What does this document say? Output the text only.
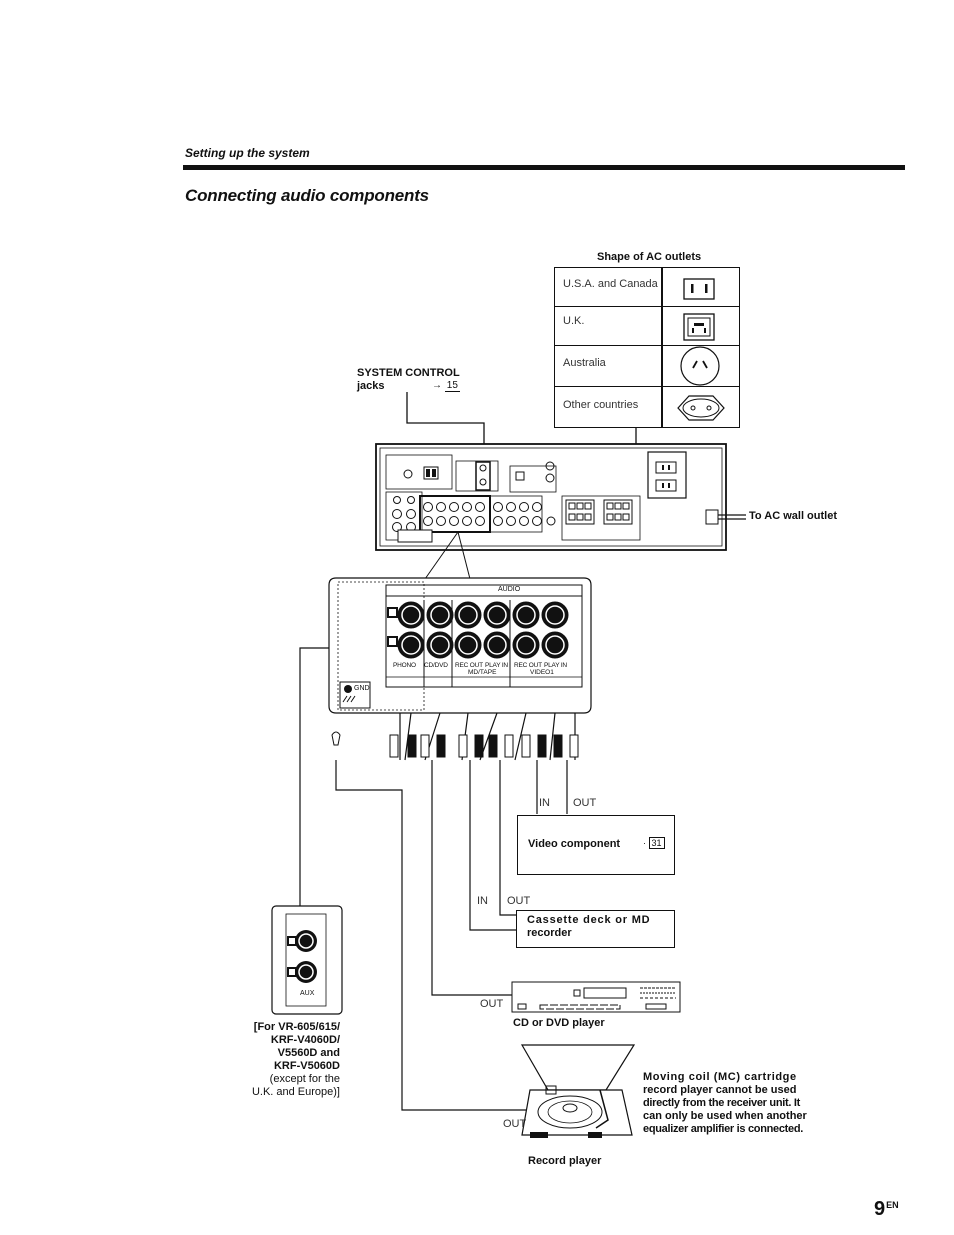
Setting up the system
Connecting audio components
Shape of AC outlets
U.S.A. and Canada
U.K.
Australia
Other countries
SYSTEM CONTROL
jacks	→ 15
To AC wall outlet
AUDIO
GND
PHONO CD/DVD REC OUT PLAY IN REC OUT PLAY IN
MD/TAPE	VIDEO1
IN OUT
Video component	· 31
IN OUT
Cassette deck or MD
recorder
OUT
CD or DVD player
OUT
Record player
AUX
[For VR-605/615/
KRF-V4060D/
V5560D and
KRF-V5060D
(except for the
U.K. and Europe)]
Moving coil (MC) cartridge
record player cannot be used
directly from the receiver unit. It
can only be used when another
equalizer amplifier is connected.
$9^{EN}$
